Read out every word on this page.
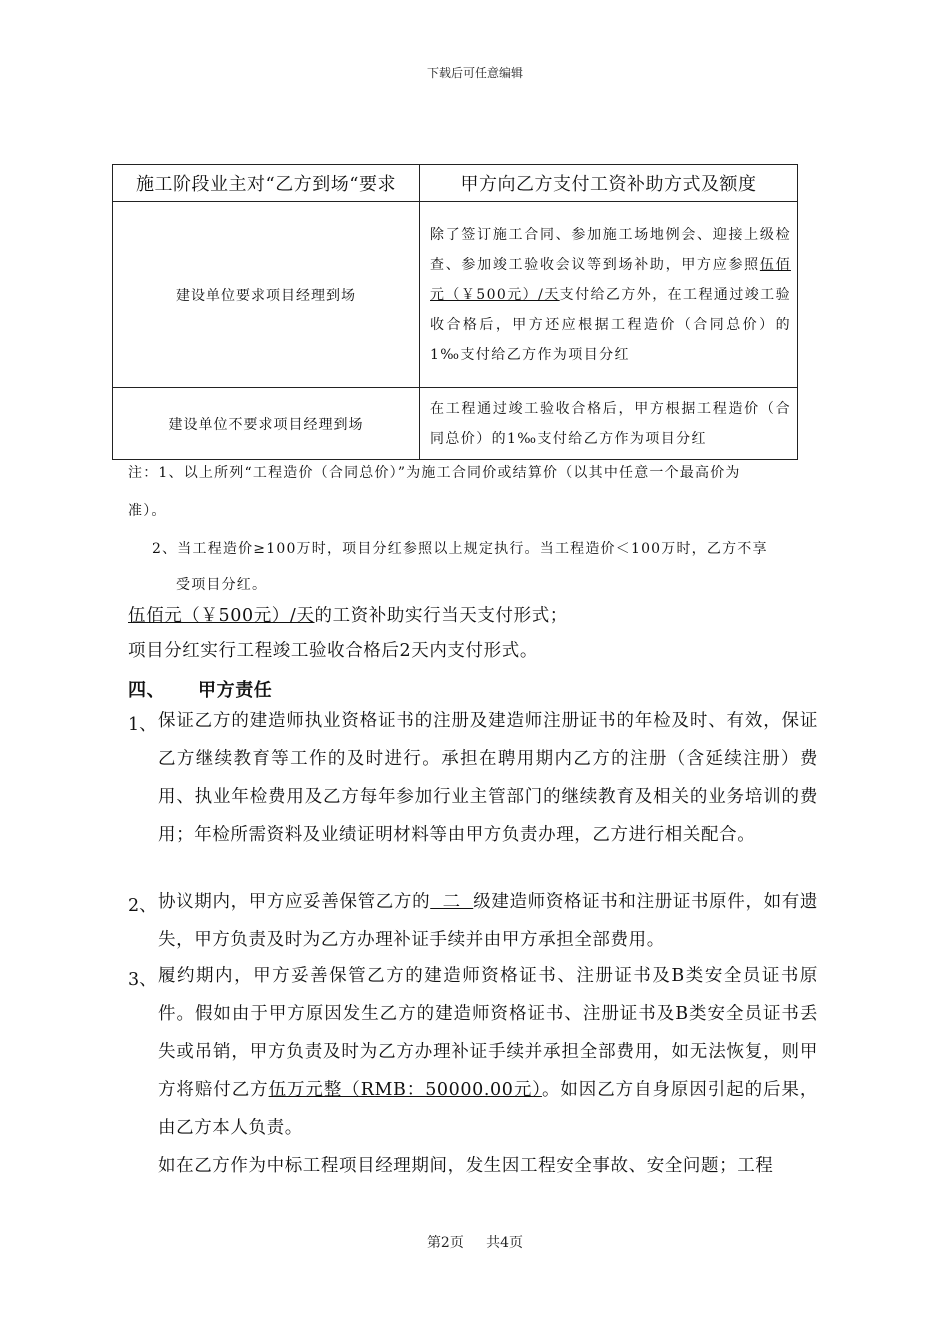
下载后可任意编辑
施工阶段业主对“乙方到场“要求	甲方向乙方支付工资补助方式及额度
建设单位要求项目经理到场	除了签订施工合同、参加施工场地例会、迎接上级检查、参加竣工验收会议等到场补助，甲方应参照伍佰元（￥500元）/天支付给乙方外，在工程通过竣工验收合格后，甲方还应根据工程造价（合同总价）的1‰支付给乙方作为项目分红
建设单位不要求项目经理到场	在工程通过竣工验收合格后，甲方根据工程造价（合同总价）的1‰支付给乙方作为项目分红
注：1、以上所列“工程造价（合同总价）”为施工合同价或结算价（以其中任意一个最高价为
准）。
2、当工程造价≥100万时，项目分红参照以上规定执行。当工程造价＜100万时，乙方不享
受项目分红。
伍佰元（￥500元）/天的工资补助实行当天支付形式；
项目分红实行工程竣工验收合格后2天内支付形式。
四、 甲方责任
1、 保证乙方的建造师执业资格证书的注册及建造师注册证书的年检及时、有效，保证乙方继续教育等工作的及时进行。承担在聘用期内乙方的注册（含延续注册）费用、执业年检费用及乙方每年参加行业主管部门的继续教育及相关的业务培训的费用；年检所需资料及业绩证明材料等由甲方负责办理，乙方进行相关配合。
2、 协议期内，甲方应妥善保管乙方的  二  级建造师资格证书和注册证书原件，如有遗失，甲方负责及时为乙方办理补证手续并由甲方承担全部费用。
3、 履约期内，甲方妥善保管乙方的建造师资格证书、注册证书及B类安全员证书原件。假如由于甲方原因发生乙方的建造师资格证书、注册证书及B类安全员证书丢失或吊销，甲方负责及时为乙方办理补证手续并承担全部费用，如无法恢复，则甲方将赔付乙方伍万元整（RMB：50000.00元）。如因乙方自身原因引起的后果，由乙方本人负责。

如在乙方作为中标工程项目经理期间，发生因工程安全事故、安全问题；工程

第2页 共4页
